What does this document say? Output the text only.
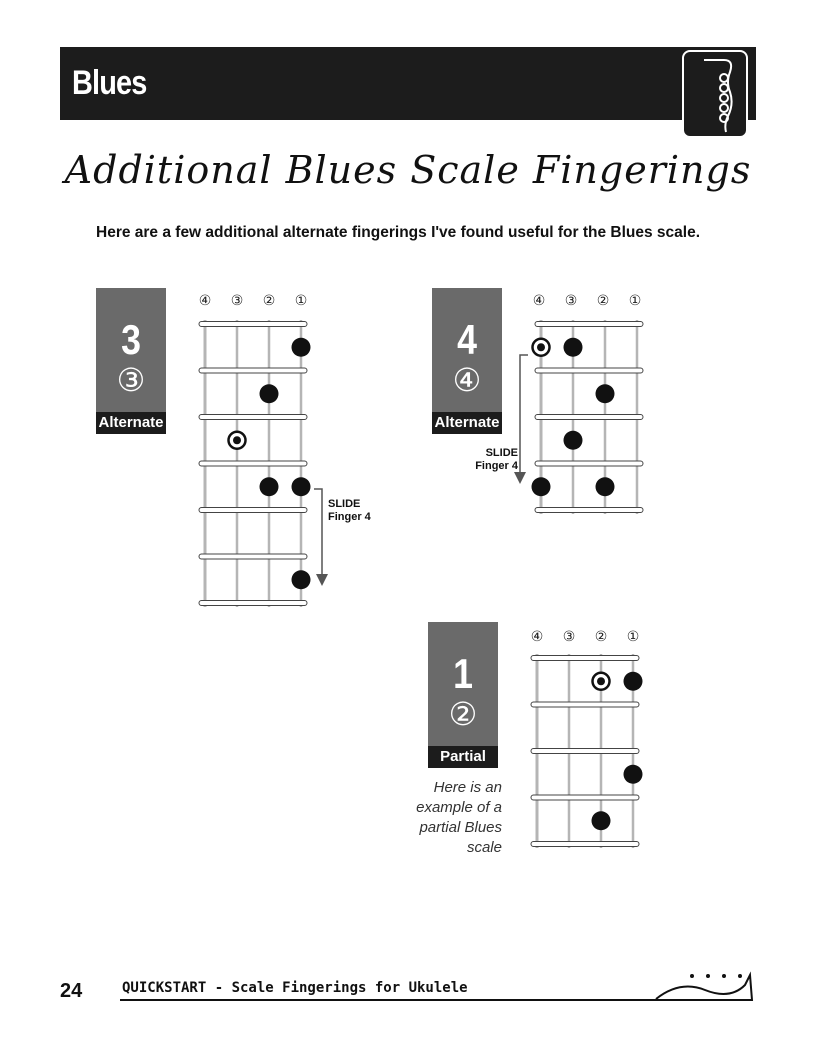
Blues
Additional Blues Scale Fingerings
Here are a few additional alternate fingerings I've found useful for the Blues scale.
3
③
Alternate
4
④
Alternate
1
②
Partial
④ ③ ② ①	④ ③ ② ①
④ ③ ② ①
SLIDE
Finger 4
SLIDE
Finger 4
Here is an example of a partial Blues scale
24	QUICKSTART - Scale Fingerings for Ukulele
